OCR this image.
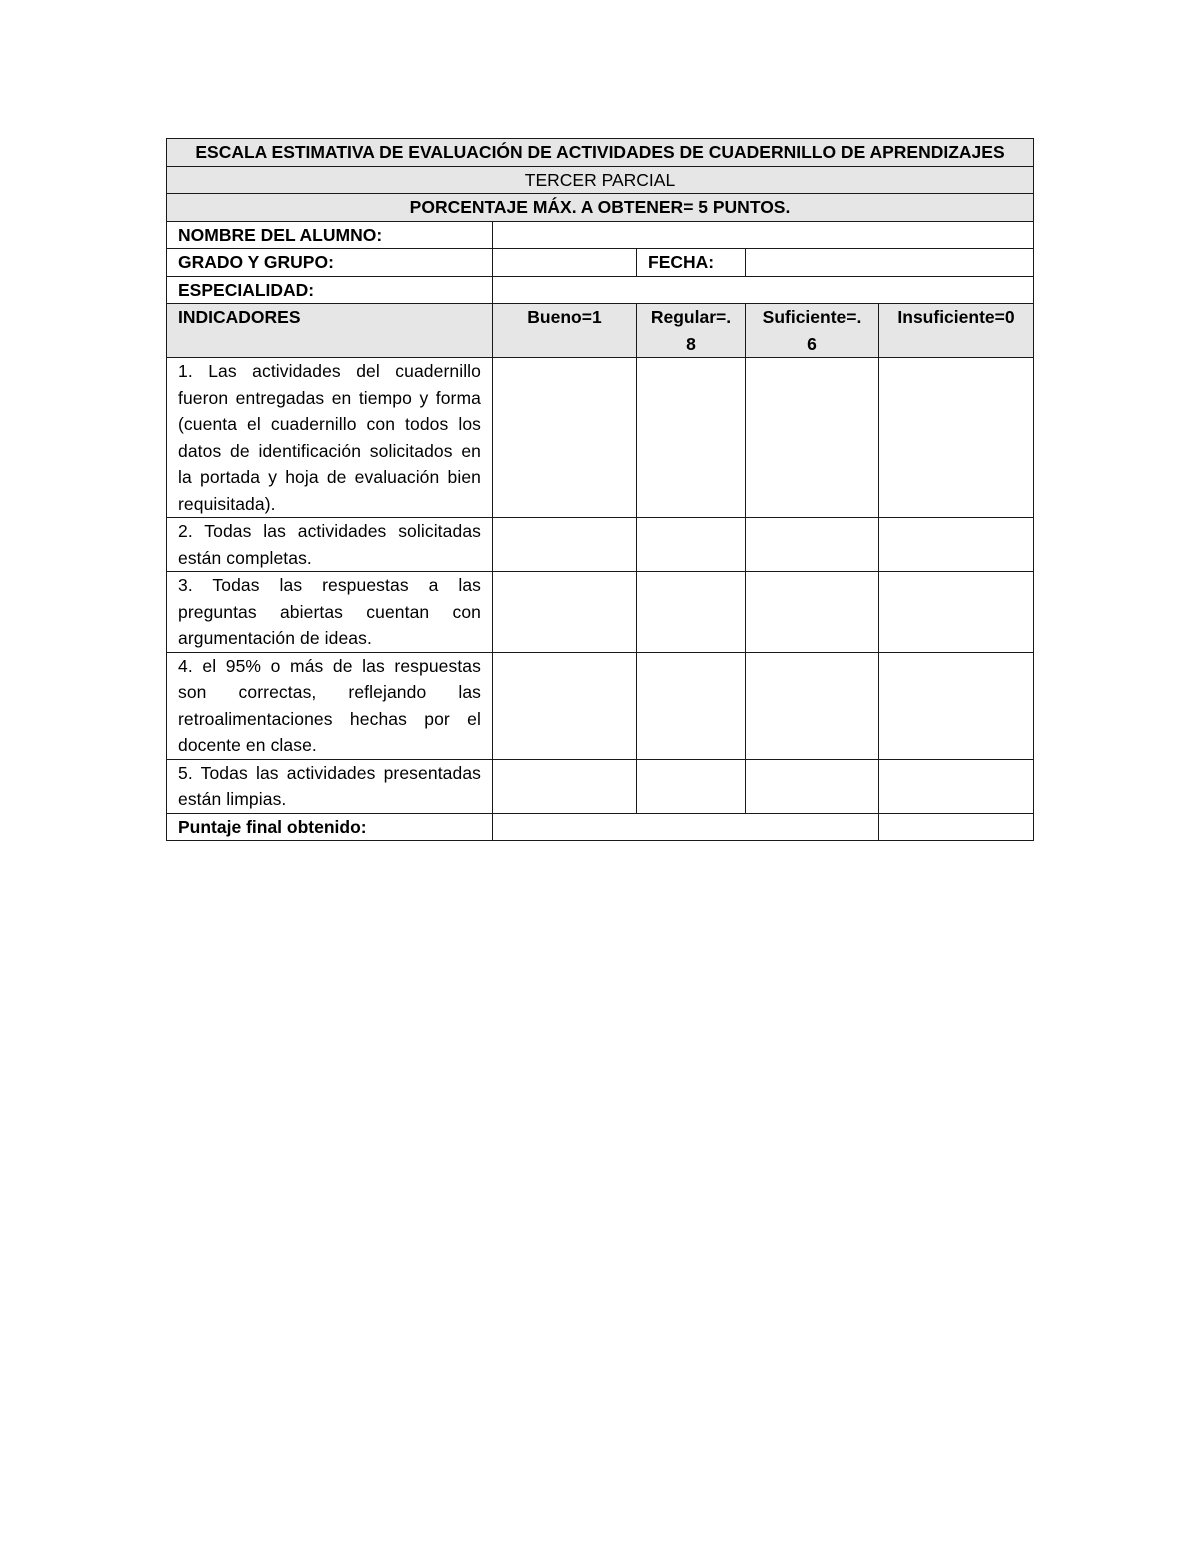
ESCALA ESTIMATIVA DE EVALUACIÓN DE ACTIVIDADES DE CUADERNILLO DE APRENDIZAJES				
TERCER PARCIAL				
PORCENTAJE MÁX. A OBTENER= 5 PUNTOS.				
NOMBRE DEL ALUMNO:				
GRADO Y GRUPO:		FECHA:		
ESPECIALIDAD:				
INDICADORES	Bueno=1	Regular=. 8	Suficiente=. 6	Insuficiente=0
1. Las actividades del cuadernillo fueron entregadas en tiempo y forma (cuenta el cuadernillo con todos los datos de identificación solicitados en la portada y hoja de evaluación bien requisitada).				
2. Todas las actividades solicitadas están completas.				
3. Todas las respuestas a las preguntas abiertas cuentan con argumentación de ideas.				
4. el 95% o más de las respuestas son correctas, reflejando las retroalimentaciones hechas por el docente en clase.				
5. Todas las actividades presentadas están limpias.				
Puntaje final obtenido:				
